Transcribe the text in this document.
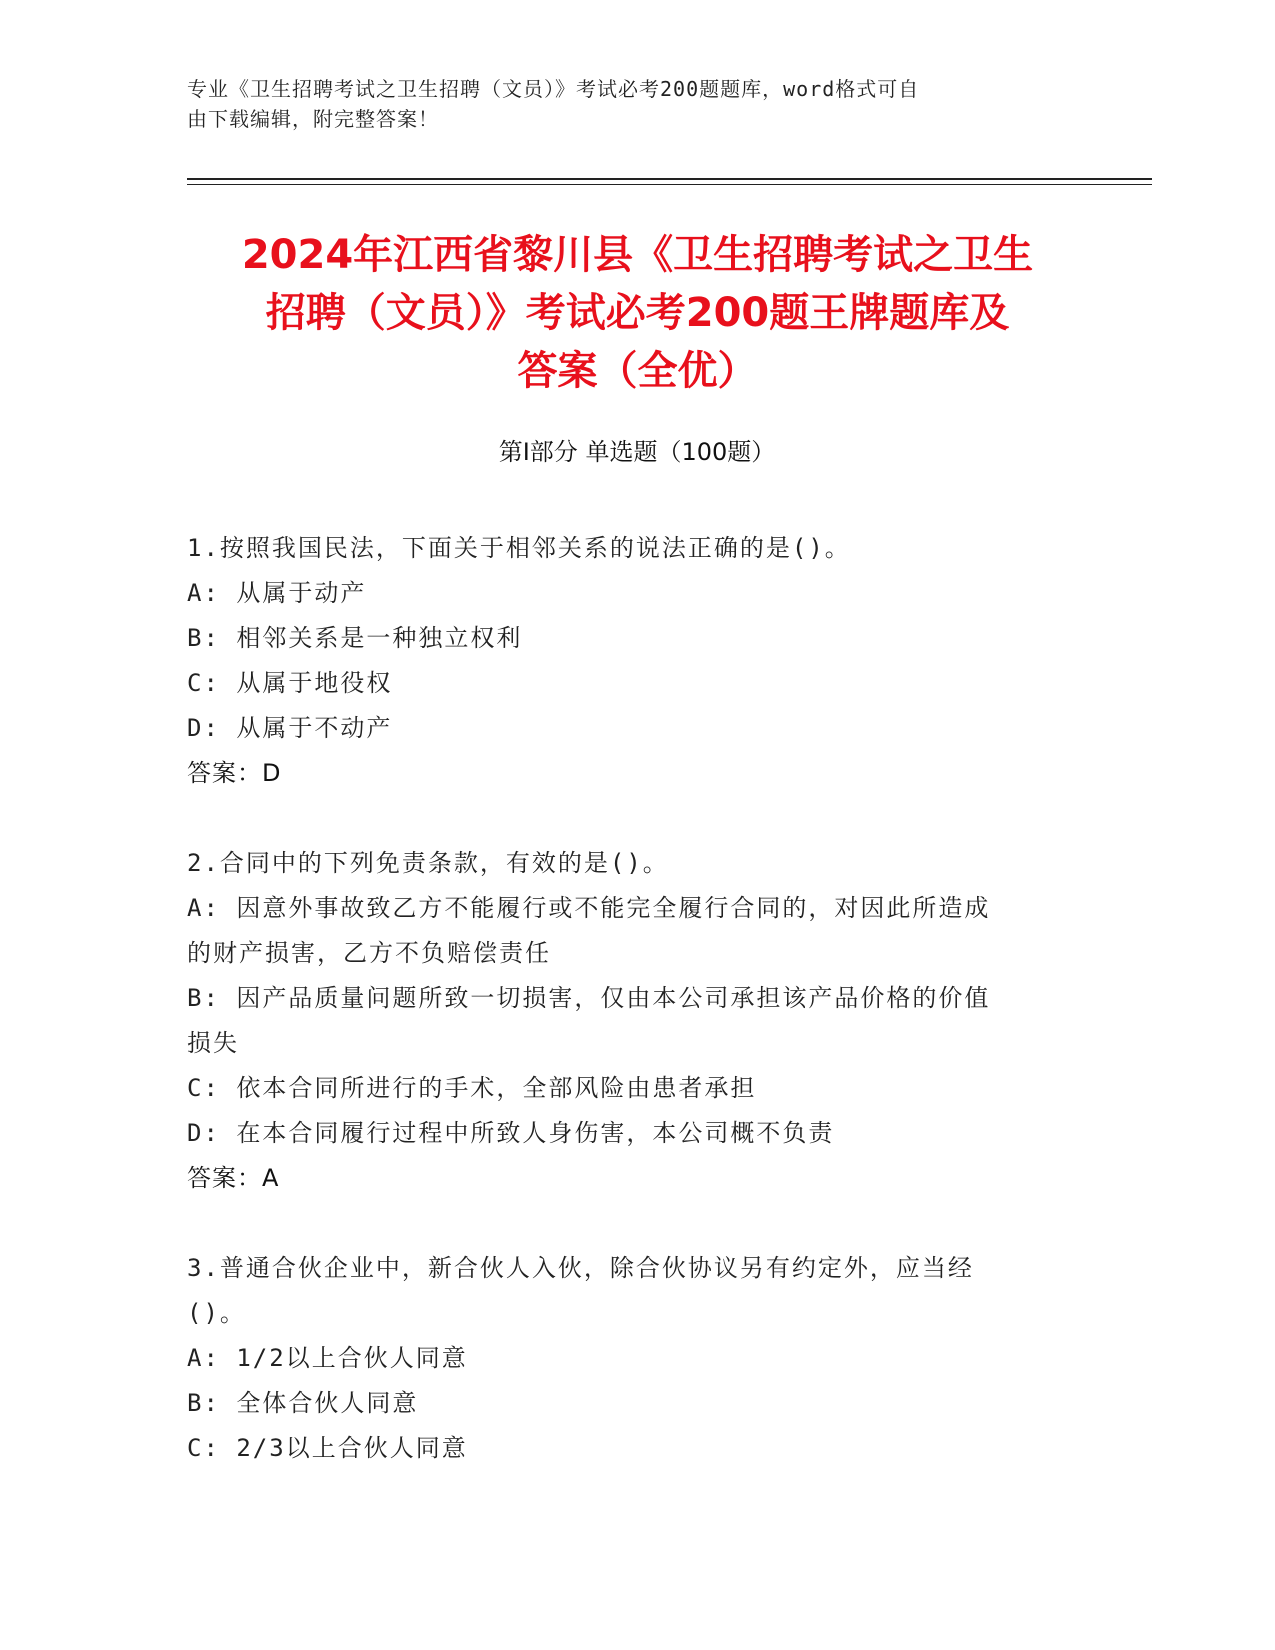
专业《卫生招聘考试之卫生招聘（文员）》考试必考200题题库，word格式可自
由下载编辑，附完整答案！
2024年江西省黎川县《卫生招聘考试之卫生
招聘（文员）》考试必考200题王牌题库及
答案（全优）
第Ⅰ部分 单选题（100题）
1.按照我国民法，下面关于相邻关系的说法正确的是()。
A: 从属于动产
B: 相邻关系是一种独立权利
C: 从属于地役权
D: 从属于不动产
答案：D
2.合同中的下列免责条款，有效的是()。
A: 因意外事故致乙方不能履行或不能完全履行合同的，对因此所造成
的财产损害，乙方不负赔偿责任
B: 因产品质量问题所致一切损害，仅由本公司承担该产品价格的价值
损失
C: 依本合同所进行的手术，全部风险由患者承担
D: 在本合同履行过程中所致人身伤害，本公司概不负责
答案：A
3.普通合伙企业中，新合伙人入伙，除合伙协议另有约定外，应当经
()。
A: 1/2以上合伙人同意
B: 全体合伙人同意
C: 2/3以上合伙人同意
